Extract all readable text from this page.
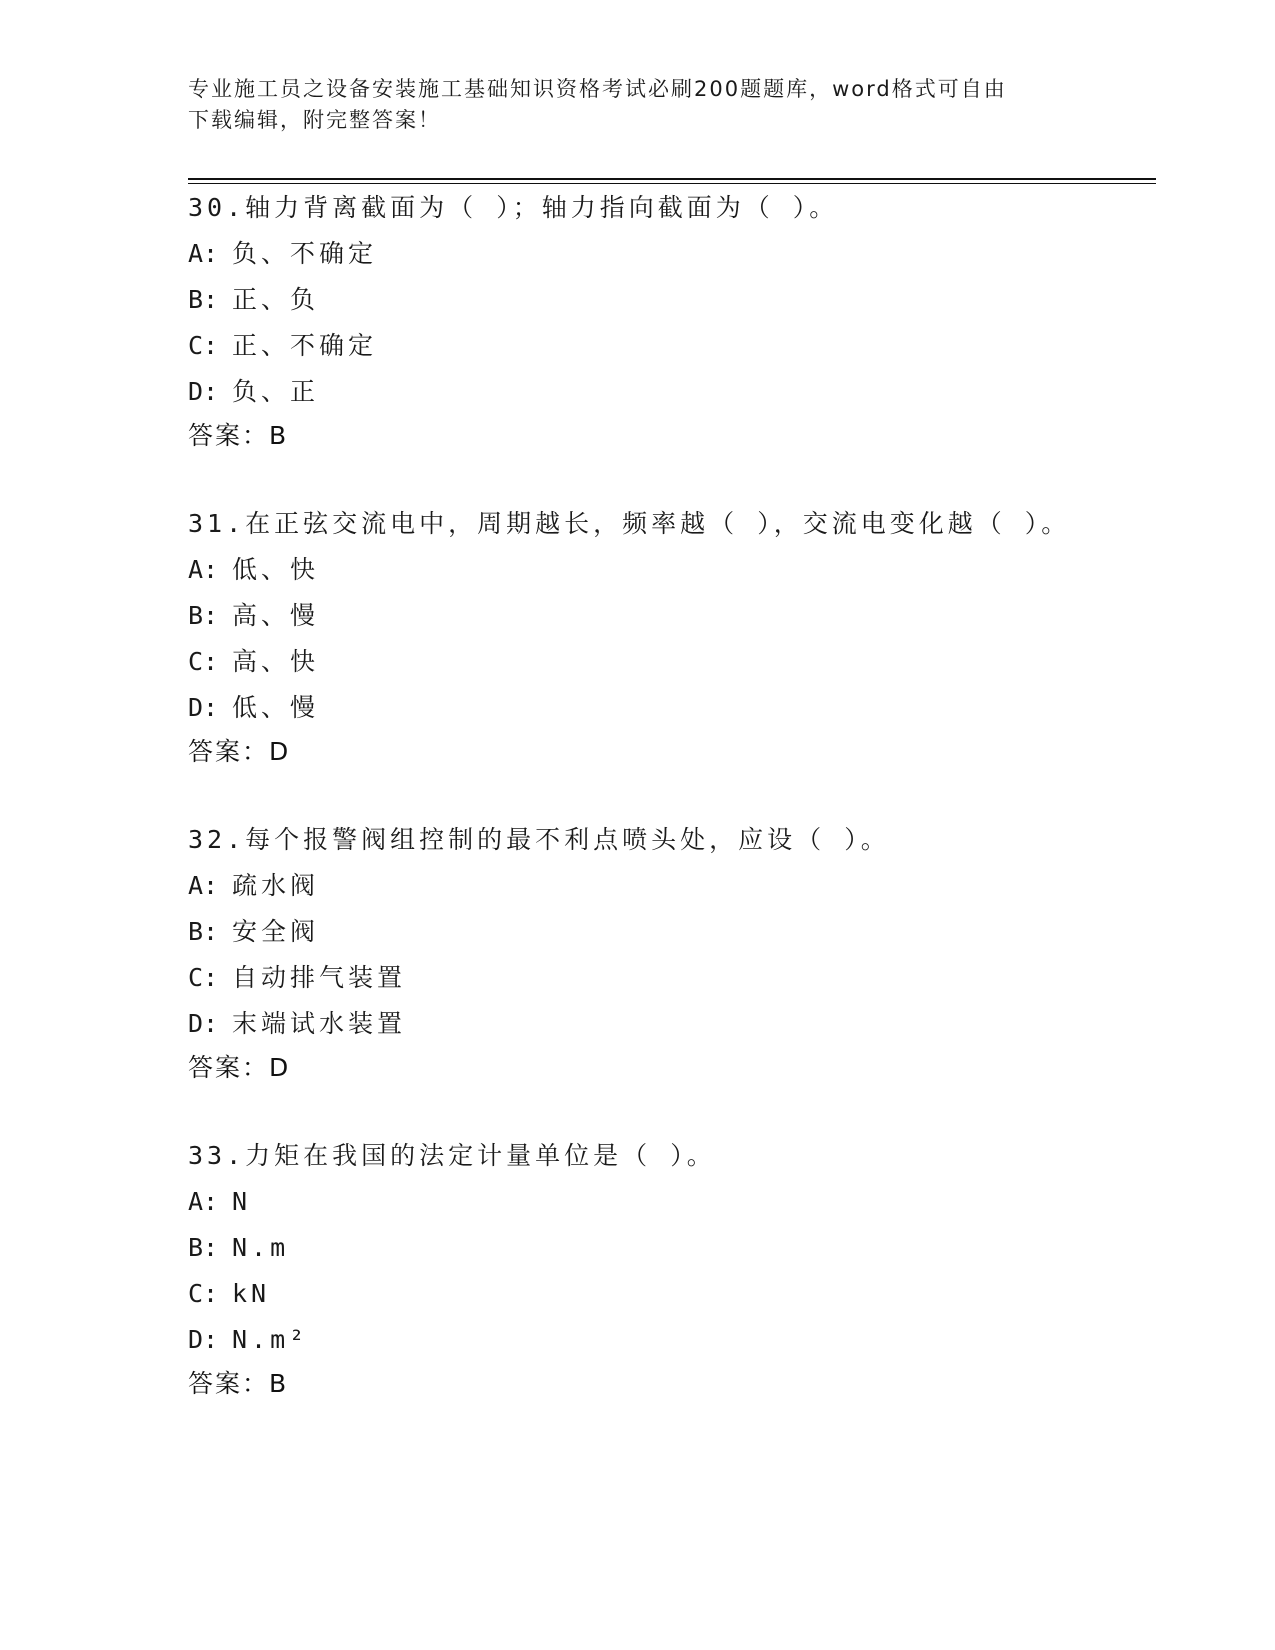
专业施工员之设备安装施工基础知识资格考试必刷200题题库，word格式可自由
下载编辑，附完整答案！
30.轴力背离截面为（ ）；轴力指向截面为（ ）。
A: 负、不确定
B: 正、负
C: 正、不确定
D: 负、正
答案：B
31.在正弦交流电中，周期越长，频率越（ ），交流电变化越（ ）。
A: 低、快
B: 高、慢
C: 高、快
D: 低、慢
答案：D
32.每个报警阀组控制的最不利点喷头处，应设（ ）。
A: 疏水阀
B: 安全阀
C: 自动排气装置
D: 末端试水装置
答案：D
33.力矩在我国的法定计量单位是（ ）。
A: N
B: N.m
C: kN
D: N.m²
答案：B
